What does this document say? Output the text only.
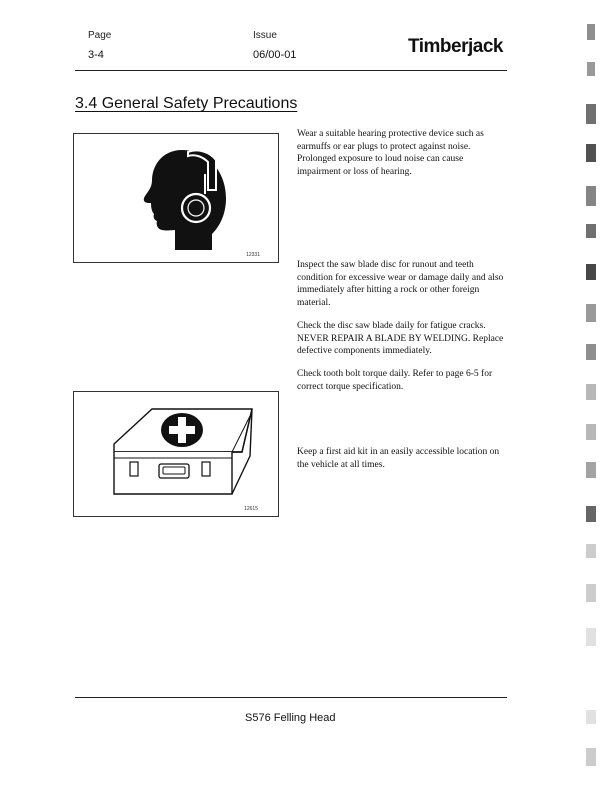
Page
3-4
Issue
06/00-01	Timberjack
3.4 General Safety Precautions
12331
12615
Wear a suitable hearing protective device such as earmuffs or ear plugs to protect against noise. Prolonged exposure to loud noise can cause impairment or loss of hearing.
Inspect the saw blade disc for runout and teeth condition for excessive wear or damage daily and also immediately after hitting a rock or other foreign material.
Check the disc saw blade daily for fatigue cracks. NEVER REPAIR A BLADE BY WELDING. Replace defective components immediately.
Check tooth bolt torque daily. Refer to page 6-5 for correct torque specification.
Keep a first aid kit in an easily accessible location on the vehicle at all times.
S576 Felling Head
